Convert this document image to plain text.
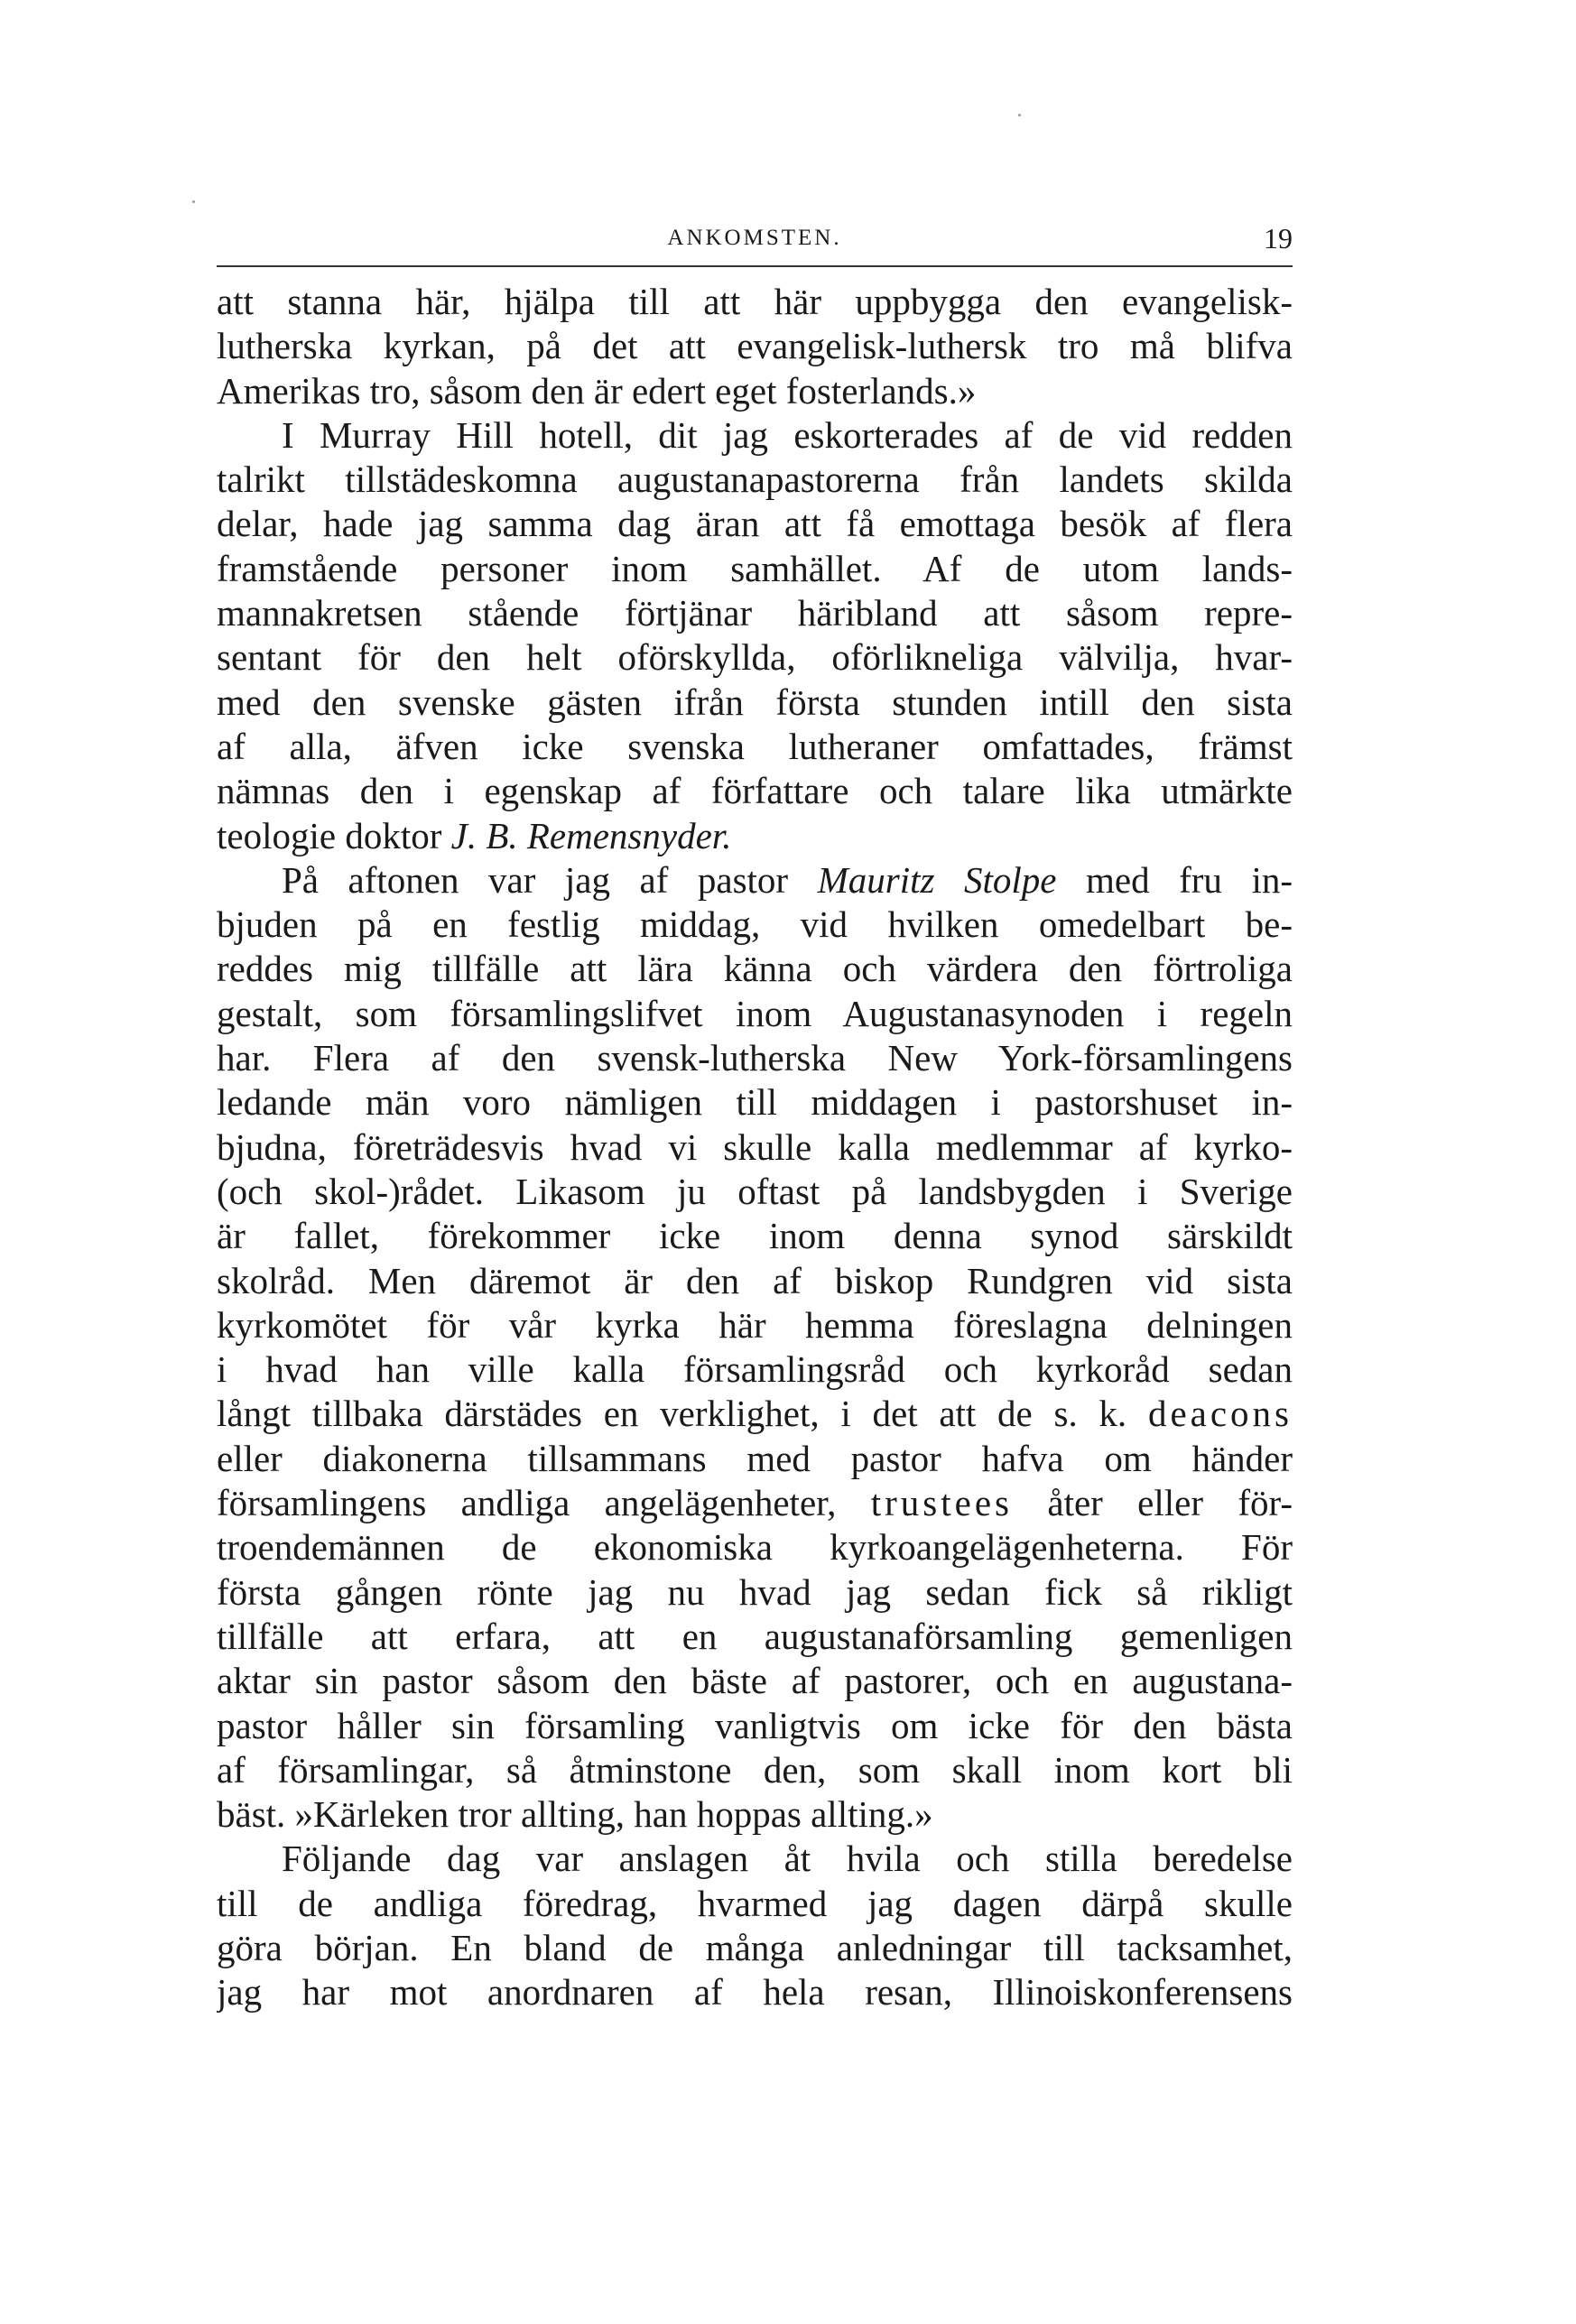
ANKOMSTEN.	19
att stanna här, hjälpa till att här uppbygga den evangelisk-
lutherska kyrkan, på det att evangelisk-luthersk tro må blifva
Amerikas tro, såsom den är edert eget fosterlands.»
I Murray Hill hotell, dit jag eskorterades af de vid redden
talrikt tillstädeskomna augustanapastorerna från landets skilda
delar, hade jag samma dag äran att få emottaga besök af flera
framstående personer inom samhället. Af de utom lands-
mannakretsen stående förtjänar häribland att såsom repre-
sentant för den helt oförskyllda, oförlikneliga välvilja, hvar-
med den svenske gästen ifrån första stunden intill den sista
af alla, äfven icke svenska lutheraner omfattades, främst
nämnas den i egenskap af författare och talare lika utmärkte
teologie doktor J. B. Remensnyder.
På aftonen var jag af pastor Mauritz Stolpe med fru in-
bjuden på en festlig middag, vid hvilken omedelbart be-
reddes mig tillfälle att lära känna och värdera den förtroliga
gestalt, som församlingslifvet inom Augustanasynoden i regeln
har. Flera af den svensk-lutherska New York-församlingens
ledande män voro nämligen till middagen i pastorshuset in-
bjudna, företrädesvis hvad vi skulle kalla medlemmar af kyrko-
(och skol-)rådet. Likasom ju oftast på landsbygden i Sverige
är fallet, förekommer icke inom denna synod särskildt
skolråd. Men däremot är den af biskop Rundgren vid sista
kyrkomötet för vår kyrka här hemma föreslagna delningen
i hvad han ville kalla församlingsråd och kyrkoråd sedan
långt tillbaka därstädes en verklighet, i det att de s. k. deacons
eller diakonerna tillsammans med pastor hafva om händer
församlingens andliga angelägenheter, trustees åter eller för-
troendemännen de ekonomiska kyrkoangelägenheterna. För
första gången rönte jag nu hvad jag sedan fick så rikligt
tillfälle att erfara, att en augustanaförsamling gemenligen
aktar sin pastor såsom den bäste af pastorer, och en augustana-
pastor håller sin församling vanligtvis om icke för den bästa
af församlingar, så åtminstone den, som skall inom kort bli
bäst. »Kärleken tror allting, han hoppas allting.»
Följande dag var anslagen åt hvila och stilla beredelse
till de andliga föredrag, hvarmed jag dagen därpå skulle
göra början. En bland de många anledningar till tacksamhet,
jag har mot anordnaren af hela resan, Illinoiskonferensens
